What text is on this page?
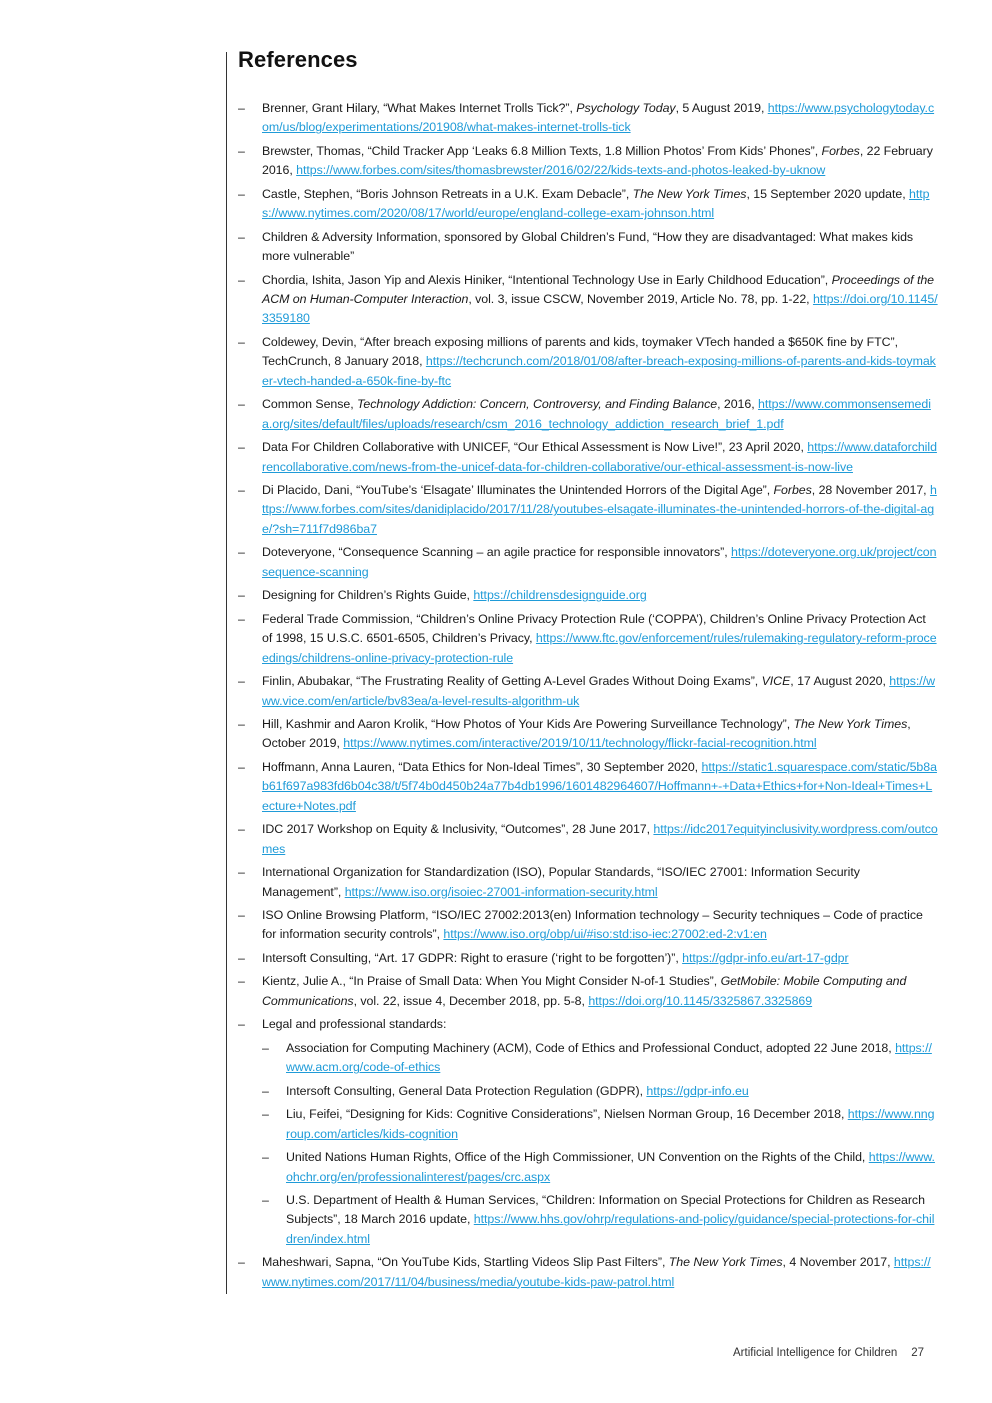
References
– Brenner, Grant Hilary, “What Makes Internet Trolls Tick?”, Psychology Today, 5 August 2019, https://www.psychologytoday.com/us/blog/experimentations/201908/what-makes-internet-trolls-tick
– Brewster, Thomas, “Child Tracker App ‘Leaks 6.8 Million Texts, 1.8 Million Photos’ From Kids’ Phones”, Forbes, 22 February 2016, https://www.forbes.com/sites/thomasbrewster/2016/02/22/kids-texts-and-photos-leaked-by-uknow
– Castle, Stephen, “Boris Johnson Retreats in a U.K. Exam Debacle”, The New York Times, 15 September 2020 update, https://www.nytimes.com/2020/08/17/world/europe/england-college-exam-johnson.html
– Children & Adversity Information, sponsored by Global Children’s Fund, “How they are disadvantaged: What makes kids more vulnerable”
– Chordia, Ishita, Jason Yip and Alexis Hiniker, “Intentional Technology Use in Early Childhood Education”, Proceedings of the ACM on Human-Computer Interaction, vol. 3, issue CSCW, November 2019, Article No. 78, pp. 1-22, https://doi.org/10.1145/3359180
– Coldewey, Devin, “After breach exposing millions of parents and kids, toymaker VTech handed a $650K fine by FTC”, TechCrunch, 8 January 2018, https://techcrunch.com/2018/01/08/after-breach-exposing-millions-of-parents-and-kids-toymaker-vtech-handed-a-650k-fine-by-ftc
– Common Sense, Technology Addiction: Concern, Controversy, and Finding Balance, 2016, https://www.commonsensemedia.org/sites/default/files/uploads/research/csm_2016_technology_addiction_research_brief_1.pdf
– Data For Children Collaborative with UNICEF, “Our Ethical Assessment is Now Live!”, 23 April 2020, https://www.dataforchildrencollaborative.com/news-from-the-unicef-data-for-children-collaborative/our-ethical-assessment-is-now-live
– Di Placido, Dani, “YouTube’s ‘Elsagate’ Illuminates the Unintended Horrors of the Digital Age”, Forbes, 28 November 2017, https://www.forbes.com/sites/danidiplacido/2017/11/28/youtubes-elsagate-illuminates-the-unintended-horrors-of-the-digital-age/?sh=711f7d986ba7
– Doteveryone, “Consequence Scanning – an agile practice for responsible innovators”, https://doteveryone.org.uk/project/consequence-scanning
– Designing for Children’s Rights Guide, https://childrensdesignguide.org
– Federal Trade Commission, “Children’s Online Privacy Protection Rule (‘COPPA’), Children’s Online Privacy Protection Act of 1998, 15 U.S.C. 6501-6505, Children’s Privacy, https://www.ftc.gov/enforcement/rules/rulemaking-regulatory-reform-proceedings/childrens-online-privacy-protection-rule
– Finlin, Abubakar, “The Frustrating Reality of Getting A-Level Grades Without Doing Exams”, VICE, 17 August 2020, https://www.vice.com/en/article/bv83ea/a-level-results-algorithm-uk
– Hill, Kashmir and Aaron Krolik, “How Photos of Your Kids Are Powering Surveillance Technology”, The New York Times, October 2019, https://www.nytimes.com/interactive/2019/10/11/technology/flickr-facial-recognition.html
– Hoffmann, Anna Lauren, “Data Ethics for Non-Ideal Times”, 30 September 2020, https://static1.squarespace.com/static/5b8ab61f697a983fd6b04c38/t/5f74b0d450b24a77b4db1996/1601482964607/Hoffmann+-+Data+Ethics+for+Non-Ideal+Times+Lecture+Notes.pdf
– IDC 2017 Workshop on Equity & Inclusivity, “Outcomes”, 28 June 2017, https://idc2017equityinclusivity.wordpress.com/outcomes
– International Organization for Standardization (ISO), Popular Standards, “ISO/IEC 27001: Information Security Management”, https://www.iso.org/isoiec-27001-information-security.html
– ISO Online Browsing Platform, “ISO/IEC 27002:2013(en) Information technology – Security techniques – Code of practice for information security controls”, https://www.iso.org/obp/ui/#iso:std:iso-iec:27002:ed-2:v1:en
– Intersoft Consulting, “Art. 17 GDPR: Right to erasure (‘right to be forgotten’)”, https://gdpr-info.eu/art-17-gdpr
– Kientz, Julie A., “In Praise of Small Data: When You Might Consider N-of-1 Studies”, GetMobile: Mobile Computing and Communications, vol. 22, issue 4, December 2018, pp. 5-8, https://doi.org/10.1145/3325867.3325869
– Legal and professional standards:
– Association for Computing Machinery (ACM), Code of Ethics and Professional Conduct, adopted 22 June 2018, https://www.acm.org/code-of-ethics
– Intersoft Consulting, General Data Protection Regulation (GDPR), https://gdpr-info.eu
– Liu, Feifei, “Designing for Kids: Cognitive Considerations”, Nielsen Norman Group, 16 December 2018, https://www.nngroup.com/articles/kids-cognition
– United Nations Human Rights, Office of the High Commissioner, UN Convention on the Rights of the Child, https://www.ohchr.org/en/professionalinterest/pages/crc.aspx
– U.S. Department of Health & Human Services, “Children: Information on Special Protections for Children as Research Subjects”, 18 March 2016 update, https://www.hhs.gov/ohrp/regulations-and-policy/guidance/special-protections-for-children/index.html
– Maheshwari, Sapna, “On YouTube Kids, Startling Videos Slip Past Filters”, The New York Times, 4 November 2017, https://www.nytimes.com/2017/11/04/business/media/youtube-kids-paw-patrol.html
Artificial Intelligence for Children 27
